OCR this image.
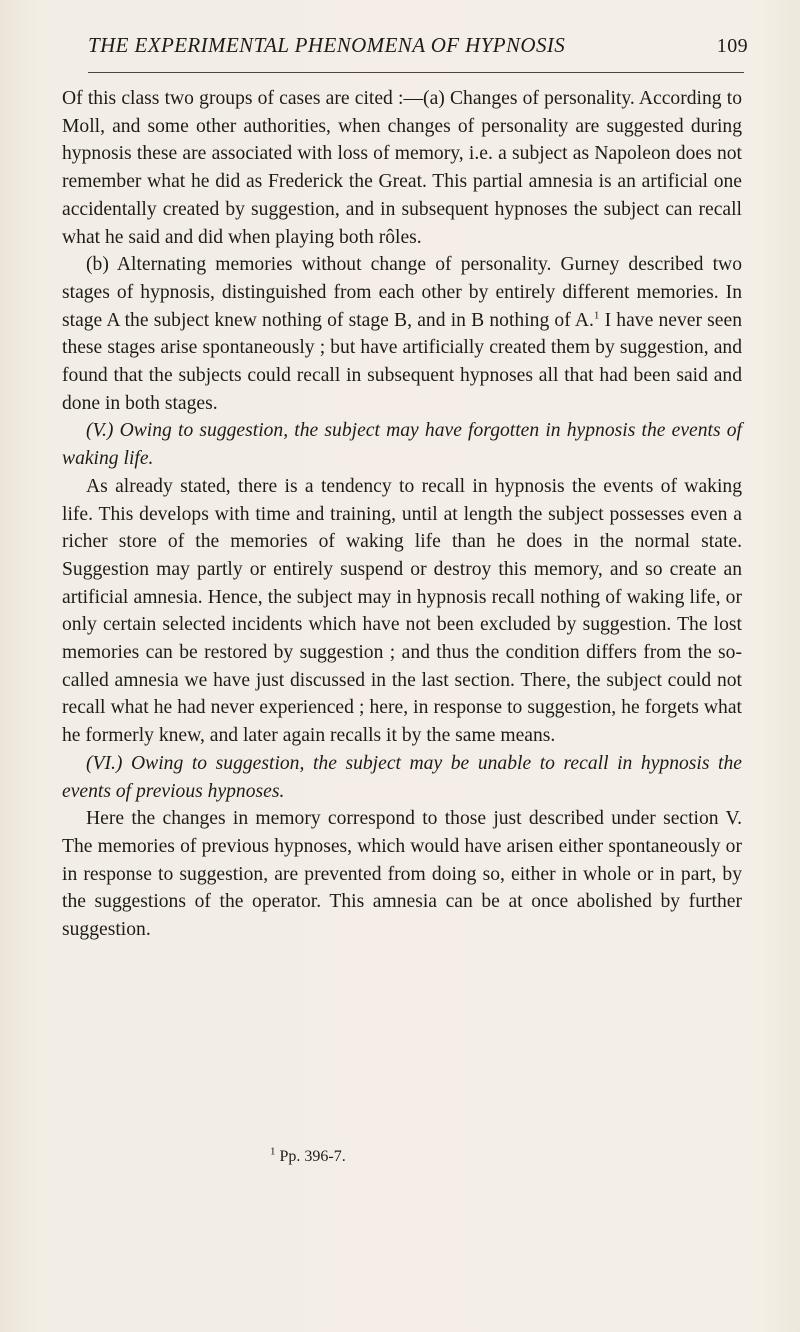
THE EXPERIMENTAL PHENOMENA OF HYPNOSIS	109

Of this class two groups of cases are cited :—(a) Changes of personality. According to Moll, and some other authorities, when changes of personality are suggested during hypnosis these are associated with loss of memory, i.e. a subject as Napoleon does not remember what he did as Frederick the Great. This partial amnesia is an artificial one accidentally created by suggestion, and in subsequent hypnoses the subject can recall what he said and did when playing both rôles.

(b) Alternating memories without change of personality. Gurney described two stages of hypnosis, distinguished from each other by entirely different memories. In stage A the subject knew nothing of stage B, and in B nothing of A.$^1$ I have never seen these stages arise spontaneously ; but have artificially created them by suggestion, and found that the subjects could recall in subsequent hypnoses all that had been said and done in both stages.

(V.) Owing to suggestion, the subject may have forgotten in hypnosis the events of waking life.

As already stated, there is a tendency to recall in hypnosis the events of waking life. This develops with time and training, until at length the subject possesses even a richer store of the memories of waking life than he does in the normal state. Suggestion may partly or entirely suspend or destroy this memory, and so create an artificial amnesia. Hence, the subject may in hypnosis recall nothing of waking life, or only certain selected incidents which have not been excluded by suggestion. The lost memories can be restored by suggestion ; and thus the condition differs from the so-called amnesia we have just discussed in the last section. There, the subject could not recall what he had never experienced ; here, in response to suggestion, he forgets what he formerly knew, and later again recalls it by the same means.

(VI.) Owing to suggestion, the subject may be unable to recall in hypnosis the events of previous hypnoses.

Here the changes in memory correspond to those just described under section V. The memories of previous hypnoses, which would have arisen either spontaneously or in response to suggestion, are prevented from doing so, either in whole or in part, by the suggestions of the operator. This amnesia can be at once abolished by further suggestion.

$^1$ Pp. 396-7.
